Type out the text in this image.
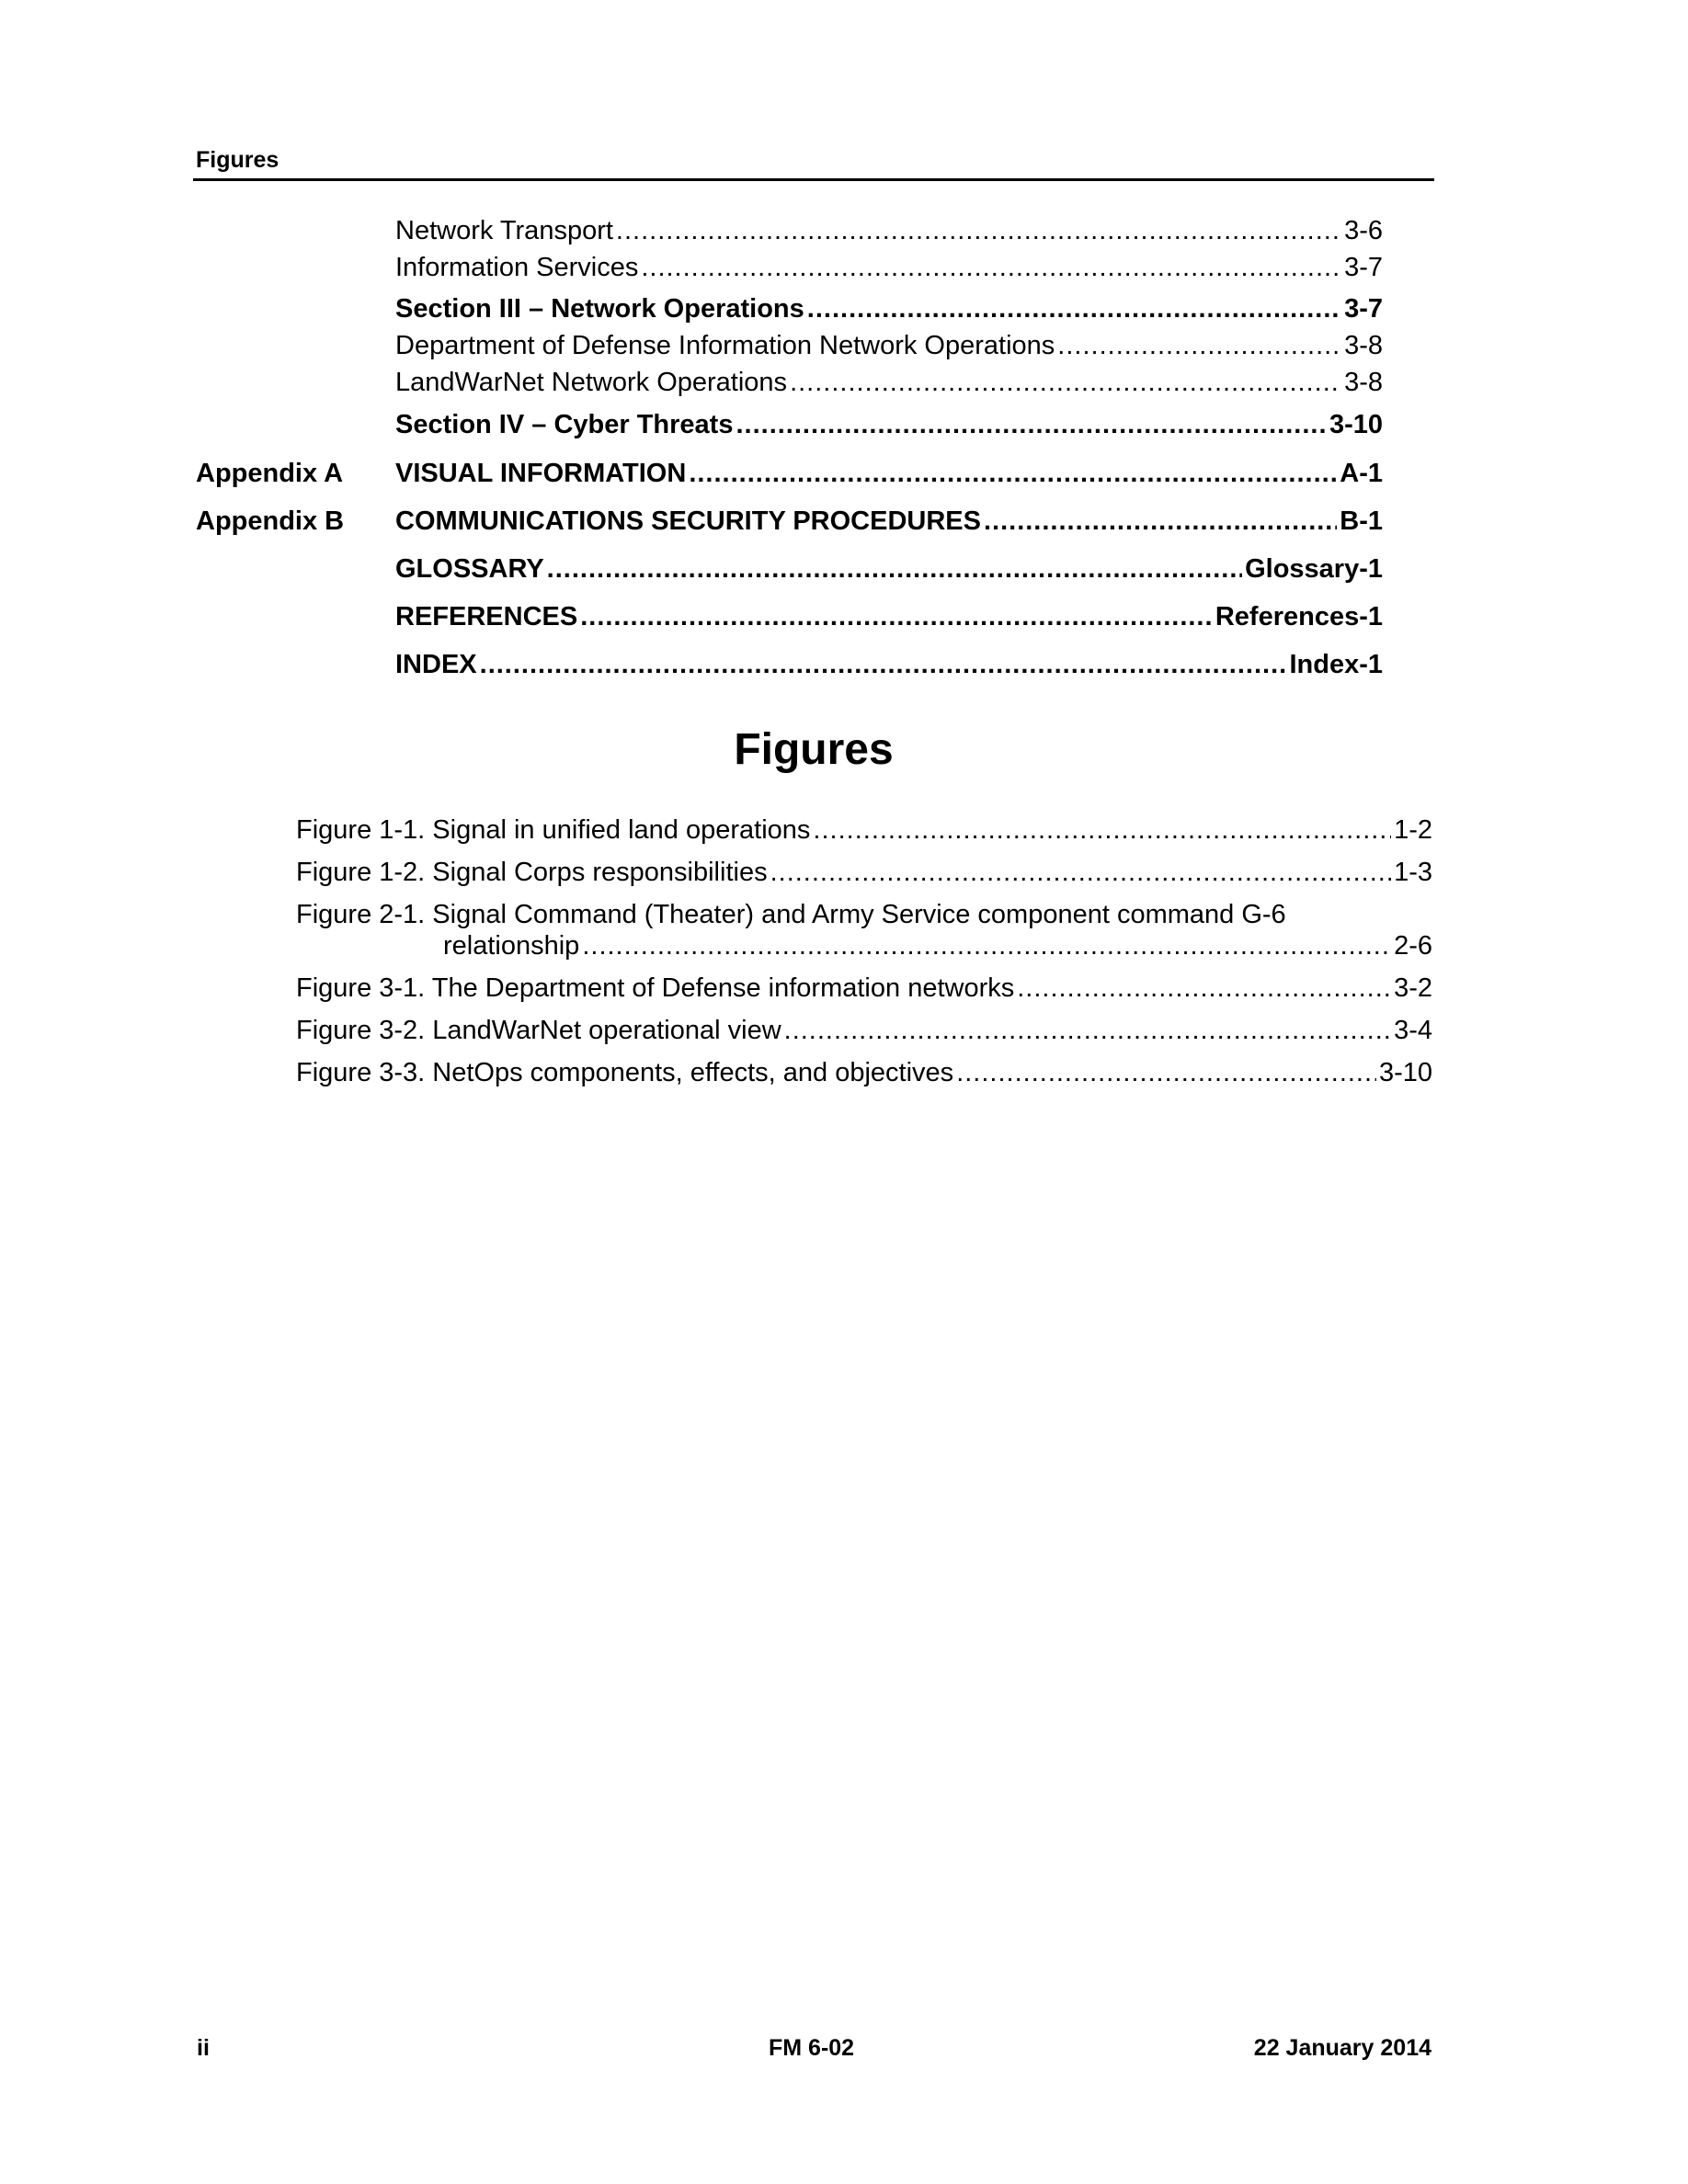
Figures
Network Transport .....	3-6
Information Services .....	3-7
Section III – Network Operations .....	3-7
Department of Defense Information Network Operations .....	3-8
LandWarNet Network Operations .....	3-8
Section IV – Cyber Threats .....	3-10
Appendix A VISUAL INFORMATION .....	A-1
Appendix B COMMUNICATIONS SECURITY PROCEDURES .....	B-1
GLOSSARY .....	Glossary-1
REFERENCES .....	References-1
INDEX .....	Index-1
Figures
Figure 1-1. Signal in unified land operations .....	1-2
Figure 1-2. Signal Corps responsibilities .....	1-3
Figure 2-1. Signal Command (Theater) and Army Service component command G-6
relationship .....	2-6
Figure 3-1. The Department of Defense information networks .....	3-2
Figure 3-2. LandWarNet operational view .....	3-4
Figure 3-3. NetOps components, effects, and objectives .....	3-10
ii	FM 6-02	22 January 2014
